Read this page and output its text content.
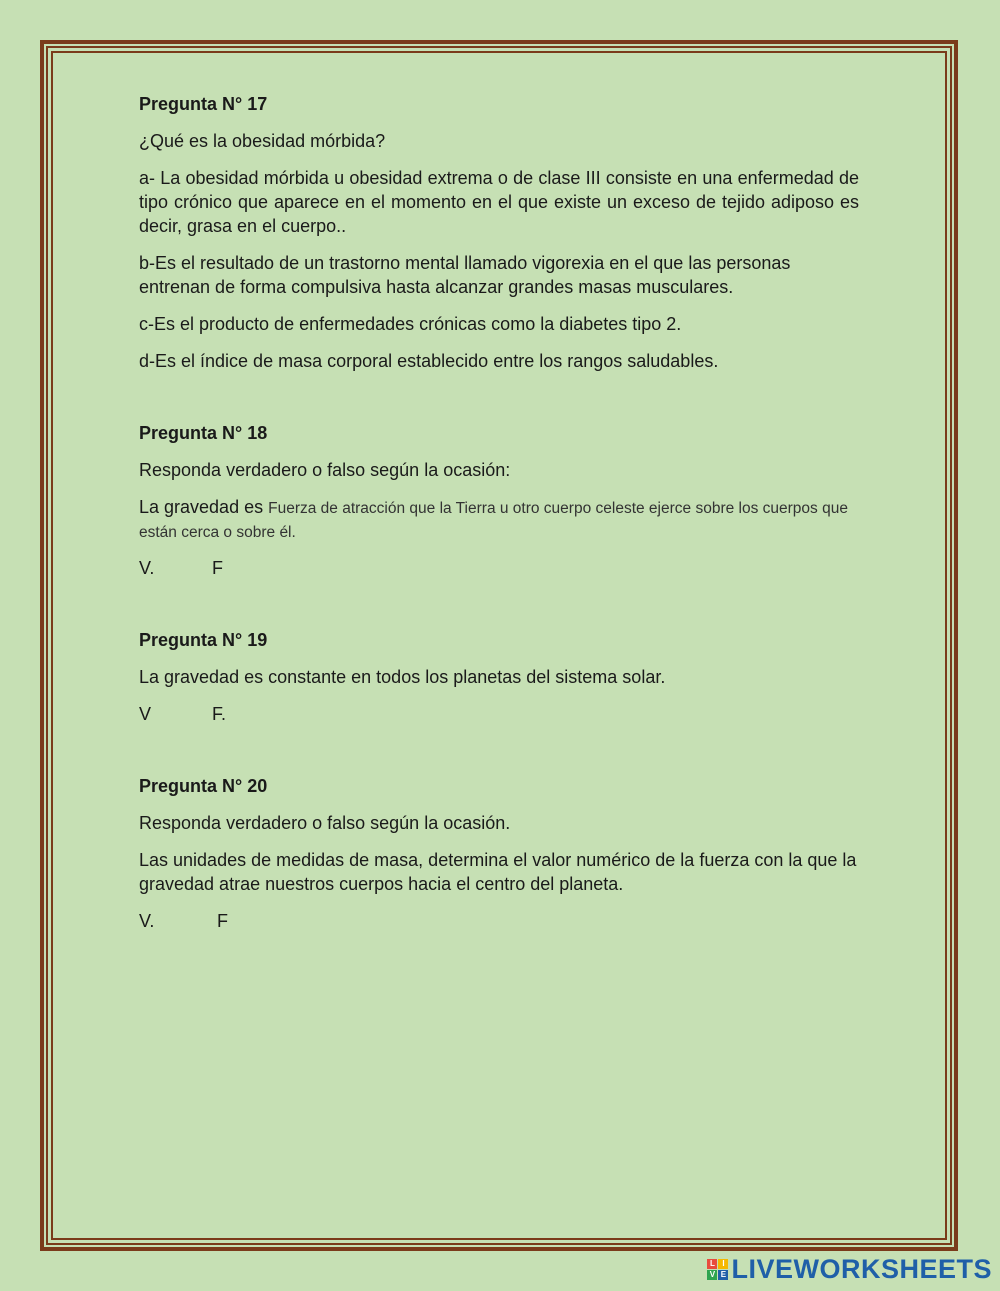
Pregunta N° 17

¿Qué es la obesidad mórbida?

a- La obesidad mórbida u obesidad extrema o de clase III consiste en una enfermedad de tipo crónico que aparece en el momento en el que existe un exceso de tejido adiposo es decir, grasa en el cuerpo..

b-Es el resultado de un trastorno mental llamado vigorexia en el que las personas entrenan de forma compulsiva hasta alcanzar grandes masas musculares.

c-Es el producto de enfermedades crónicas como la diabetes tipo 2.

d-Es el índice de masa corporal establecido entre los rangos saludables.

Pregunta N° 18

Responda verdadero o falso según la ocasión:

La gravedad es Fuerza de atracción que la Tierra u otro cuerpo celeste ejerce sobre los cuerpos que están cerca o sobre él.

V.	F

Pregunta N° 19

La gravedad es constante en todos los planetas del sistema solar.

V	F.

Pregunta N° 20

Responda verdadero o falso según la ocasión.

Las unidades de medidas de masa, determina el valor numérico de la fuerza con la que la gravedad atrae nuestros cuerpos hacia el centro del planeta.

V.	F
L I
V E LIVEWORKSHEETS
